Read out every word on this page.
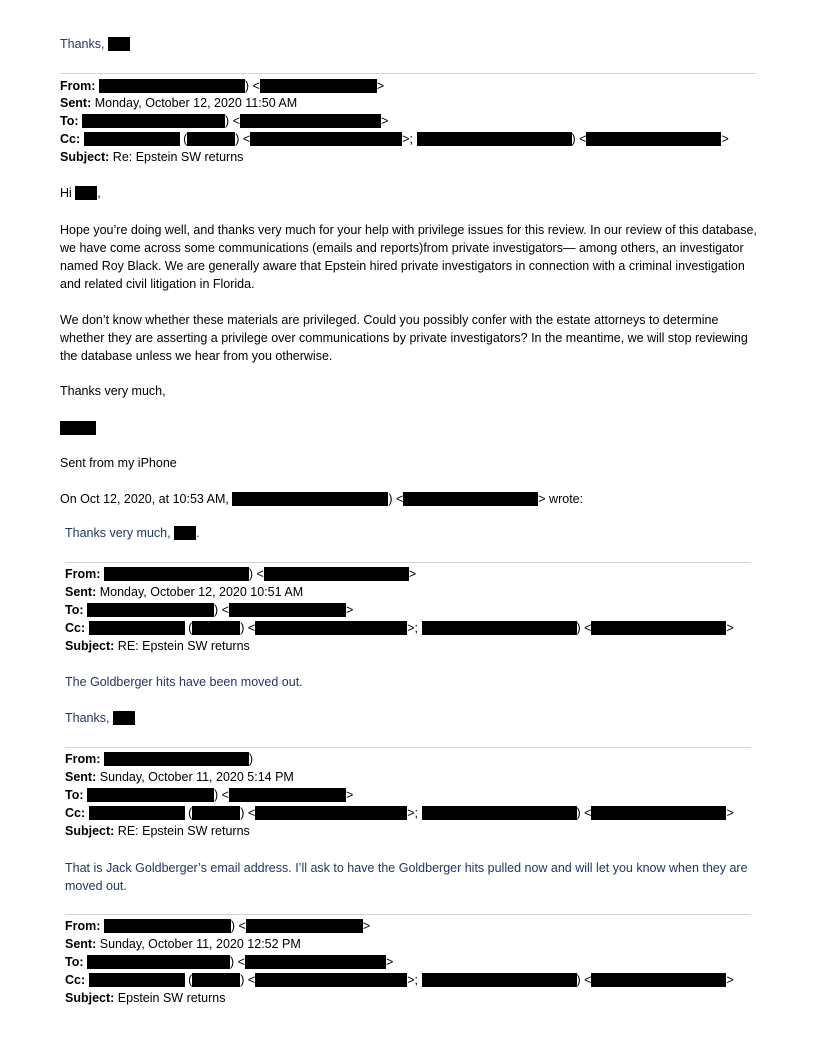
Thanks,
From:	) <	>
Sent: Monday, October 12, 2020 11:50 AM
To:	) <	>
Cc:	(	) <	>;	) <	>
Subject: Re: Epstein SW returns
Hi ,
Hope you’re doing well, and thanks very much for your help with privilege issues for this review. In our review of this database, we have come across some communications (emails and reports)from private investigators— among others, an investigator named Roy Black. We are generally aware that Epstein hired private investigators in connection with a criminal investigation and related civil litigation in Florida.
We don’t know whether these materials are privileged. Could you possibly confer with the estate attorneys to determine whether they are asserting a privilege over communications by private investigators? In the meantime, we will stop reviewing the database unless we hear from you otherwise.
Thanks very much,
Sent from my iPhone
On Oct 12, 2020, at 10:53 AM,	) <	> wrote:
Thanks very much, .
From:	) <	>
Sent: Monday, October 12, 2020 10:51 AM
To:	) <	>
Cc:	(	) <	>;	) <	>
Subject: RE: Epstein SW returns
The Goldberger hits have been moved out.
Thanks,
From:	)
Sent: Sunday, October 11, 2020 5:14 PM
To:	) <	>
Cc:	(	) <	>;	) <	>
Subject: RE: Epstein SW returns
That is Jack Goldberger’s email address. I’ll ask to have the Goldberger hits pulled now and will let you know when they are moved out.
From:	) <	>
Sent: Sunday, October 11, 2020 12:52 PM
To:	) <	>
Cc:	(	) <	>;	) <	>
Subject: Epstein SW returns
